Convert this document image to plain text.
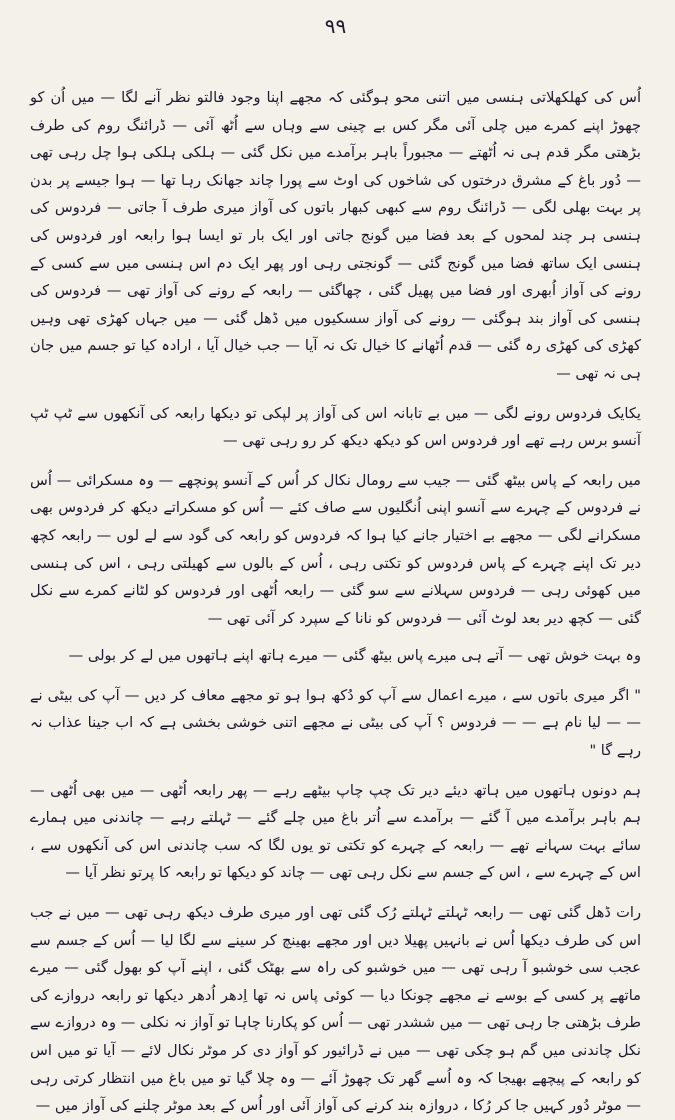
۹۹

اُس کی کھلکھلاتی ہنسی میں اتنی محو ہوگئی کہ مجھے اپنا وجود فالتو نظر آنے لگا — میں اُن کو چھوڑ اپنے کمرے میں چلی آئی مگر کس بے چینی سے وہاں سے اُٹھ آئی — ڈرائنگ روم کی طرف بڑھتی مگر قدم ہی نہ اُٹھتے — مجبوراً باہر برآمدے میں نکل گئی — ہلکی ہلکی ہوا چل رہی تھی — دُور باغ کے مشرق درختوں کی شاخوں کی اوٹ سے پورا چاند جھانک رہا تھا — ہوا جیسے پر بدن پر بہت بھلی لگی — ڈرائنگ روم سے کبھی کبھار باتوں کی آواز میری طرف آ جاتی — فردوس کی ہنسی ہر چند لمحوں کے بعد فضا میں گونج جاتی اور ایک بار تو ایسا ہوا رابعہ اور فردوس کی ہنسی ایک ساتھ فضا میں گونج گئی — گونجتی رہی اور پھر ایک دم اس ہنسی میں سے کسی کے رونے کی آواز اُبھری اور فضا میں پھیل گئی ، چھاگئی — رابعہ کے رونے کی آواز تھی — فردوس کی ہنسی کی آواز بند ہوگئی — رونے کی آواز سسکیوں میں ڈھل گئی — میں جہاں کھڑی تھی وہیں کھڑی کی کھڑی رہ گئی — قدم اُٹھانے کا خیال تک نہ آیا — جب خیال آیا ، ارادہ کیا تو جسم میں جان ہی نہ تھی —

یکایک فردوس رونے لگی — میں بے تابانہ اس کی آواز پر لپکی تو دیکھا رابعہ کی آنکھوں سے ٹپ ٹپ آنسو برس رہے تھے اور فردوس اس کو دیکھ دیکھ کر رو رہی تھی —

میں رابعہ کے پاس بیٹھ گئی — جیب سے رومال نکال کر اُس کے آنسو پونچھے — وہ مسکرائی — اُس نے فردوس کے چہرے سے آنسو اپنی اُنگلیوں سے صاف کئے — اُس کو مسکراتے دیکھ کر فردوس بھی مسکرانے لگی — مجھے بے اختیار جانے کیا ہوا کہ فردوس کو رابعہ کی گود سے لے لوں — رابعہ کچھ دیر تک اپنے چہرے کے پاس فردوس کو تکتی رہی ، اُس کے بالوں سے کھیلتی رہی ، اس کی ہنسی میں کھوئی رہی — فردوس سہلانے سے سو گئی — رابعہ اُٹھی اور فردوس کو لٹانے کمرے سے نکل گئی — کچھ دیر بعد لوٹ آئی — فردوس کو نانا کے سپرد کر آئی تھی —

وہ بہت خوش تھی — آتے ہی میرے پاس بیٹھ گئی — میرے ہاتھ اپنے ہاتھوں میں لے کر بولی —

" اگر میری باتوں سے ، میرے اعمال سے آپ کو دُکھ ہوا ہو تو مجھے معاف کر دیں — آپ کی بیٹی نے — — لیا نام ہے — — فردوس ؟ آپ کی بیٹی نے مجھے اتنی خوشی بخشی ہے کہ اب جینا عذاب نہ رہے گا "

ہم دونوں ہاتھوں میں ہاتھ دیئے دیر تک چپ چاپ بیٹھے رہے — پھر رابعہ اُٹھی — میں بھی اُٹھی — ہم باہر برآمدے میں آ گئے — برآمدے سے اُتر باغ میں چلے گئے — ٹہلتے رہے — چاندنی میں ہمارے سائے بہت سہانے تھے — رابعہ کے چہرے کو تکتی تو یوں لگا کہ سب چاندنی اس کی آنکھوں سے ، اس کے چہرے سے ، اس کے جسم سے نکل رہی تھی — چاند کو دیکھا تو رابعہ کا پرتو نظر آیا —

رات ڈھل گئی تھی — رابعہ ٹہلتے ٹہلتے رُک گئی تھی اور میری طرف دیکھ رہی تھی — میں نے جب اس کی طرف دیکھا اُس نے بانہیں پھیلا دیں اور مجھے بھینچ کر سینے سے لگا لیا — اُس کے جسم سے عجب سی خوشبو آ رہی تھی — میں خوشبو کی راہ سے بھٹک گئی ، اپنے آپ کو بھول گئی — میرے ماتھے پر کسی کے بوسے نے مجھے چونکا دیا — کوئی پاس نہ تھا اِدھر اُدھر دیکھا تو رابعہ دروازے کی طرف بڑھتی جا رہی تھی — میں ششدر تھی — اُس کو پکارنا چاہا تو آواز نہ نکلی — وہ دروازے سے نکل چاندنی میں گم ہو چکی تھی — میں نے ڈرائیور کو آواز دی کر موٹر نکال لائے — آیا تو میں اس کو رابعہ کے پیچھے بھیجا کہ وہ اُسے گھر تک چھوڑ آئے — وہ چلا گیا تو میں باغ میں انتظار کرتی رہی — موٹر دُور کہیں جا کر رُکا ، دروازہ بند کرنے کی آواز آئی اور اُس کے بعد موٹر چلنے کی آواز میں —
